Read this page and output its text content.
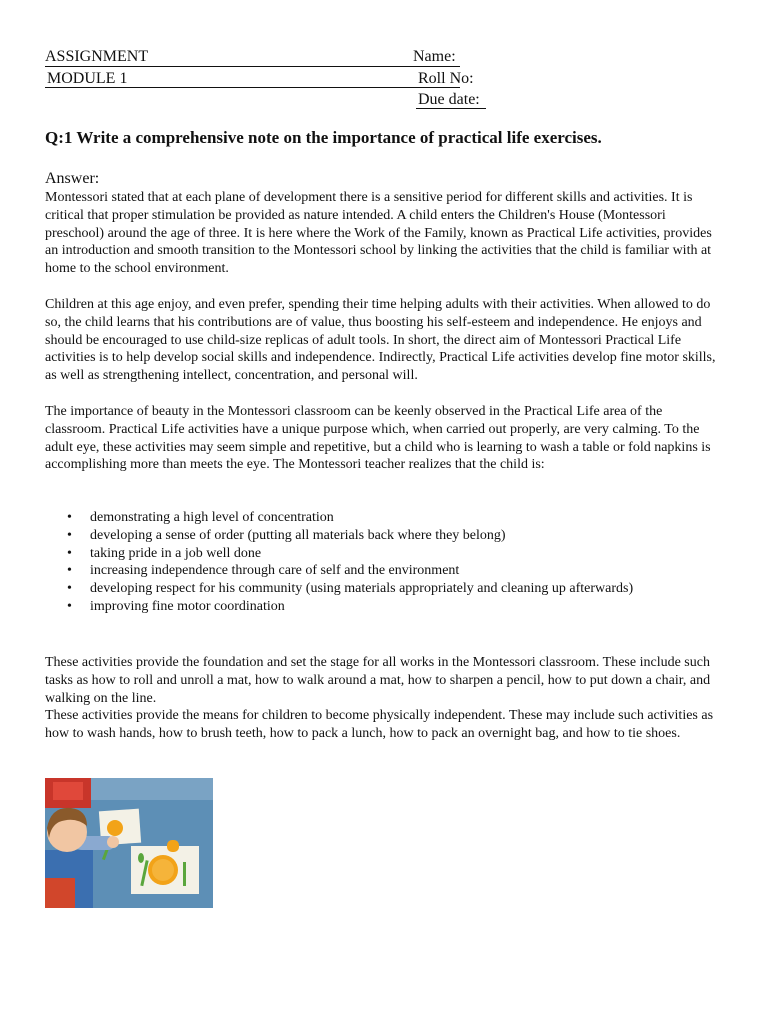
ASSIGNMENT	Name:
MODULE 1	Roll No:
Due date:
Q:1 Write a comprehensive note on the importance of practical life exercises.
Answer:

Montessori stated that at each plane of development there is a sensitive period for different skills and activities. It is critical that proper stimulation be provided as nature intended. A child enters the Children's House (Montessori preschool) around the age of three. It is here where the Work of the Family, known as Practical Life activities, provides an introduction and smooth transition to the Montessori school by linking the activities that the child is familiar with at home to the school environment.

Children at this age enjoy, and even prefer, spending their time helping adults with their activities. When allowed to do so, the child learns that his contributions are of value, thus boosting his self-esteem and independence. He enjoys and should be encouraged to use child-size replicas of adult tools. In short, the direct aim of Montessori Practical Life activities is to help develop social skills and independence. Indirectly, Practical Life activities develop fine motor skills, as well as strengthening intellect, concentration, and personal will.

The importance of beauty in the Montessori classroom can be keenly observed in the Practical Life area of the classroom. Practical Life activities have a unique purpose which, when carried out properly, are very calming. To the adult eye, these activities may seem simple and repetitive, but a child who is learning to wash a table or fold napkins is accomplishing more than meets the eye. The Montessori teacher realizes that the child is:

• demonstrating a high level of concentration
• developing a sense of order (putting all materials back where they belong)
• taking pride in a job well done
• increasing independence through care of self and the environment
• developing respect for his community (using materials appropriately and cleaning up afterwards)
• improving fine motor coordination

These activities provide the foundation and set the stage for all works in the Montessori classroom. These include such tasks as how to roll and unroll a mat, how to walk around a mat, how to sharpen a pencil, how to put down a chair, and walking on the line.

These activities provide the means for children to become physically independent. These may include such activities as how to wash hands, how to brush teeth, how to pack a lunch, how to pack an overnight bag, and how to tie shoes.
